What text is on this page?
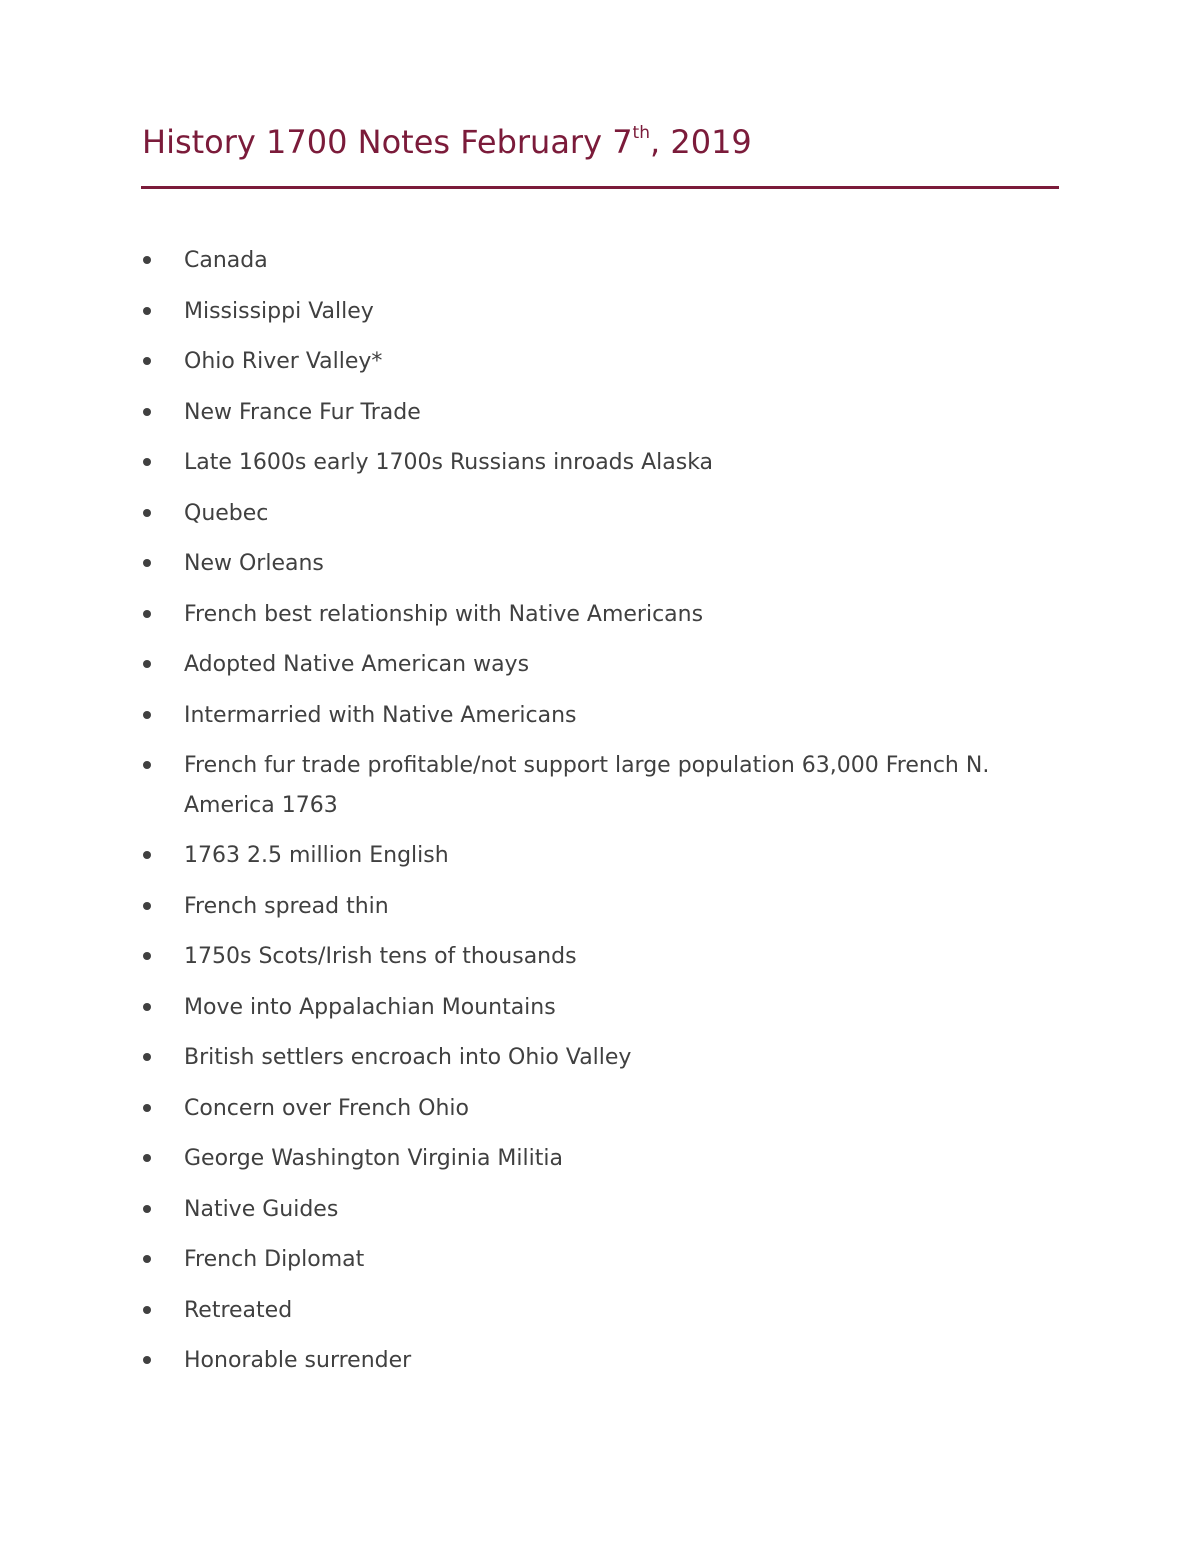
History 1700 Notes February 7th, 2019
Canada
Mississippi Valley
Ohio River Valley*
New France Fur Trade
Late 1600s early 1700s Russians inroads Alaska
Quebec
New Orleans
French best relationship with Native Americans
Adopted Native American ways
Intermarried with Native Americans
French fur trade profitable/not support large population 63,000 French N. America 1763
1763 2.5 million English
French spread thin
1750s Scots/Irish tens of thousands
Move into Appalachian Mountains
British settlers encroach into Ohio Valley
Concern over French Ohio
George Washington Virginia Militia
Native Guides
French Diplomat
Retreated
Honorable surrender
